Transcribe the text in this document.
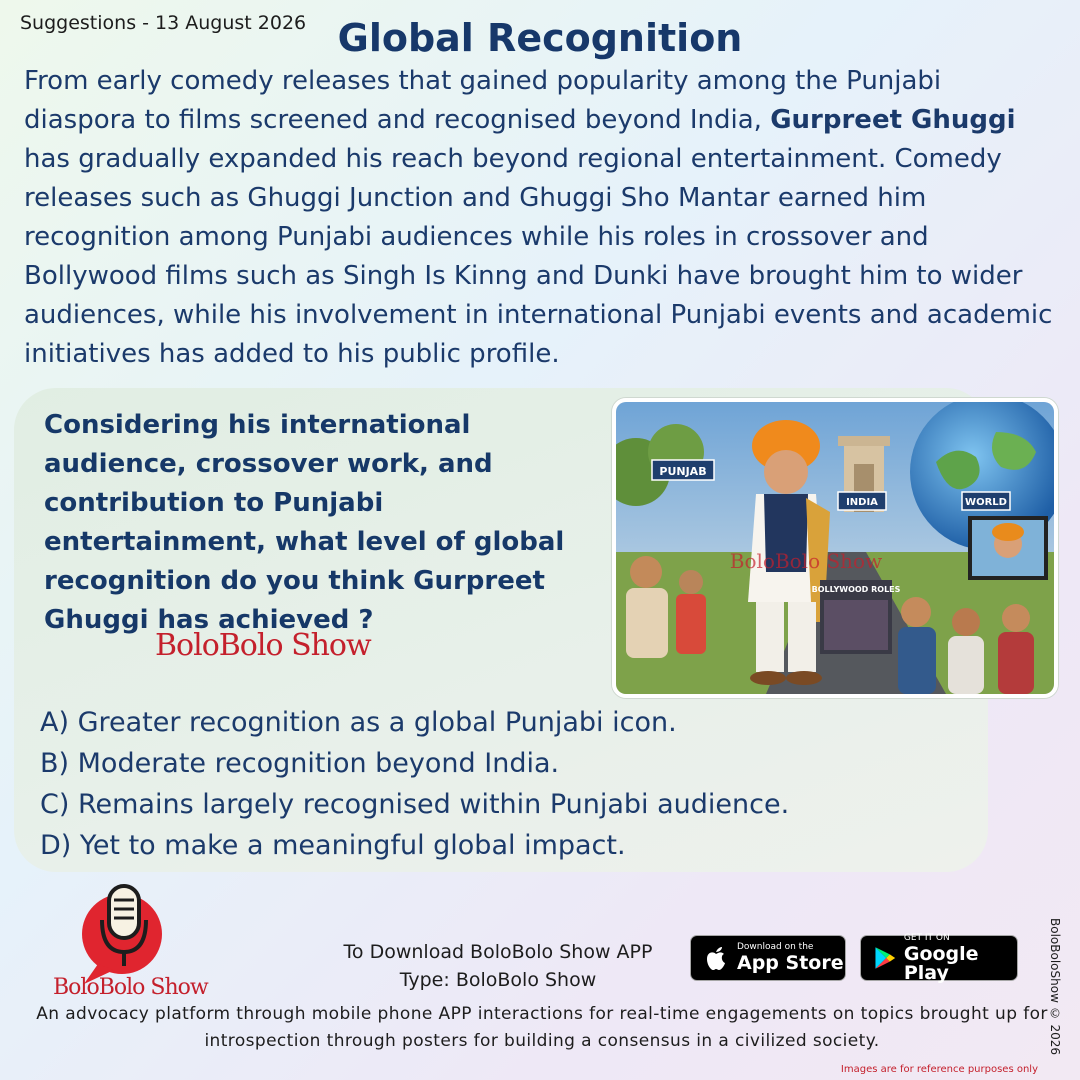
Suggestions - 13 August 2026 Global Recognition

From early comedy releases that gained popularity among the Punjabi diaspora to films screened and recognised beyond India, Gurpreet Ghuggi has gradually expanded his reach beyond regional entertainment. Comedy releases such as Ghuggi Junction and Ghuggi Sho Mantar earned him recognition among Punjabi audiences while his roles in crossover and Bollywood films such as Singh Is Kinng and Dunki have brought him to wider audiences, while his involvement in international Punjabi events and academic initiatives has added to his public profile.

Considering his international audience, crossover work, and contribution to Punjabi entertainment, what level of global recognition do you think Gurpreet Ghuggi has achieved ?

BoloBolo Show
PUNJAB
INDIA	WORLD
BOLLYWOOD ROLES
BoloBolo Show
A) Greater recognition as a global Punjabi icon.
B) Moderate recognition beyond India.
C) Remains largely recognised within Punjabi audience.
D) Yet to make a meaningful global impact.
BoloBolo Show
To Download BoloBolo Show APP
Type: BoloBolo Show
Download on the
App Store
GET IT ON
Google Play

An advocacy platform through mobile phone APP interactions for real-time engagements on topics brought up for introspection through posters for building a consensus in a civilized society.	BoloBoloShow © 2026
Images are for reference purposes only
